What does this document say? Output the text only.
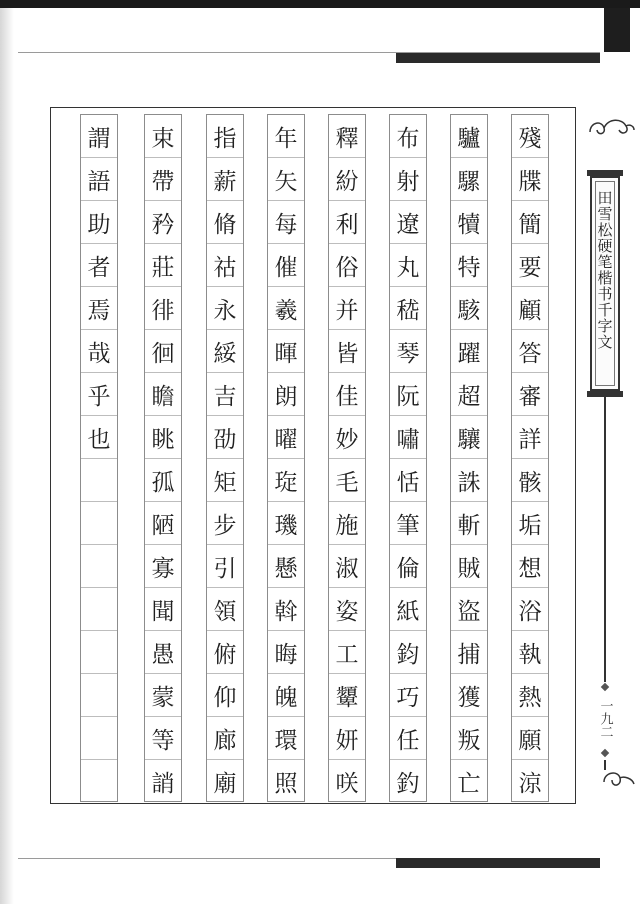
殘
牒
簡
要
顧
答
審
詳
骸
垢
想
浴
執
熱
願
涼
驢
騾
犢
特
駭
躍
超
驤
誅
斬
賊
盜
捕
獲
叛
亡
布
射
遼
丸
嵇
琴
阮
嘯
恬
筆
倫
紙
鈞
巧
任
釣
釋
紛
利
俗
并
皆
佳
妙
毛
施
淑
姿
工
顰
妍
咲
年
矢
每
催
羲
暉
朗
曜
琁
璣
懸
斡
晦
魄
環
照
指
薪
脩
祜
永
綏
吉
劭
矩
步
引
領
俯
仰
廊
廟
束
帶
矜
莊
徘
徊
瞻
眺
孤
陋
寡
聞
愚
蒙
等
誚
謂
語
助
者
焉
哉
乎
也
田雪松硬笔楷书千字文
一九二
